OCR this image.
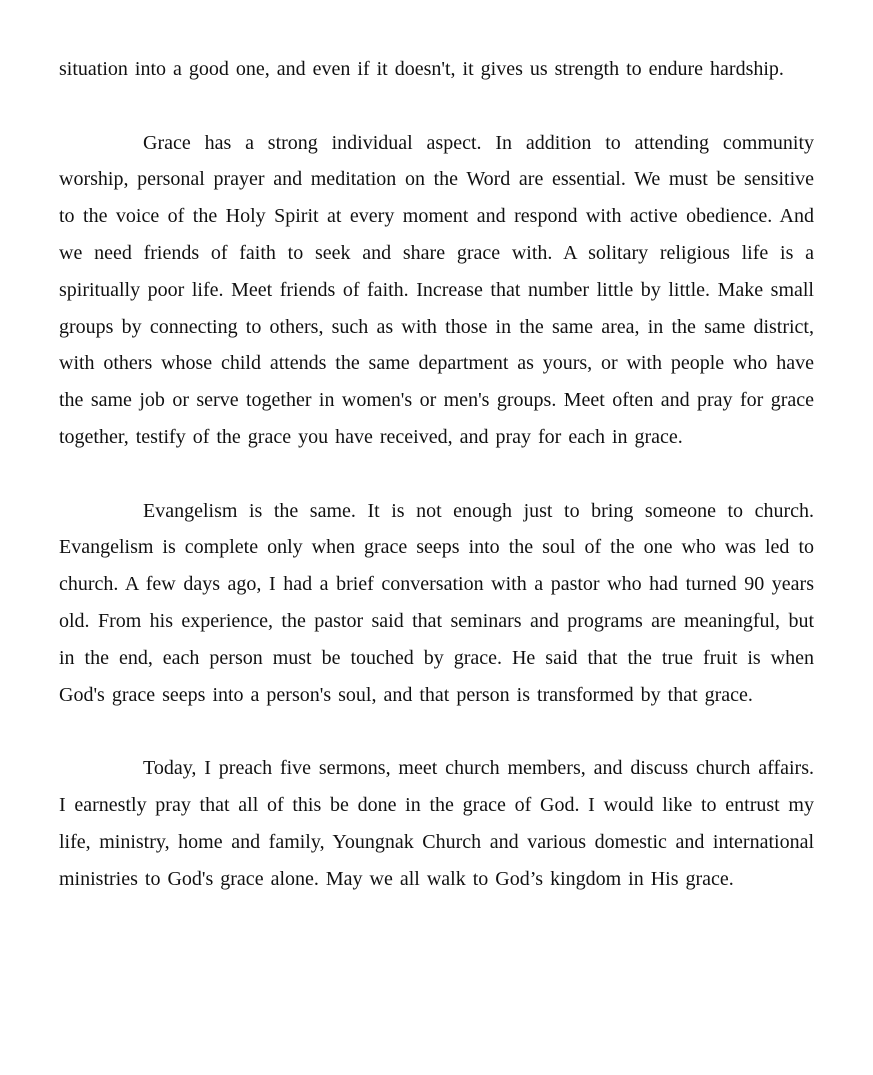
situation into a good one, and even if it doesn't, it gives us strength to endure hardship.

Grace has a strong individual aspect. In addition to attending community worship, personal prayer and meditation on the Word are essential. We must be sensitive to the voice of the Holy Spirit at every moment and respond with active obedience. And we need friends of faith to seek and share grace with. A solitary religious life is a spiritually poor life. Meet friends of faith. Increase that number little by little. Make small groups by connecting to others, such as with those in the same area, in the same district, with others whose child attends the same department as yours, or with people who have the same job or serve together in women's or men's groups. Meet often and pray for grace together, testify of the grace you have received, and pray for each in grace.

Evangelism is the same. It is not enough just to bring someone to church. Evangelism is complete only when grace seeps into the soul of the one who was led to church. A few days ago, I had a brief conversation with a pastor who had turned 90 years old. From his experience, the pastor said that seminars and programs are meaningful, but in the end, each person must be touched by grace. He said that the true fruit is when God's grace seeps into a person's soul, and that person is transformed by that grace.

Today, I preach five sermons, meet church members, and discuss church affairs. I earnestly pray that all of this be done in the grace of God. I would like to entrust my life, ministry, home and family, Youngnak Church and various domestic and international ministries to God's grace alone. May we all walk to God’s kingdom in His grace.
